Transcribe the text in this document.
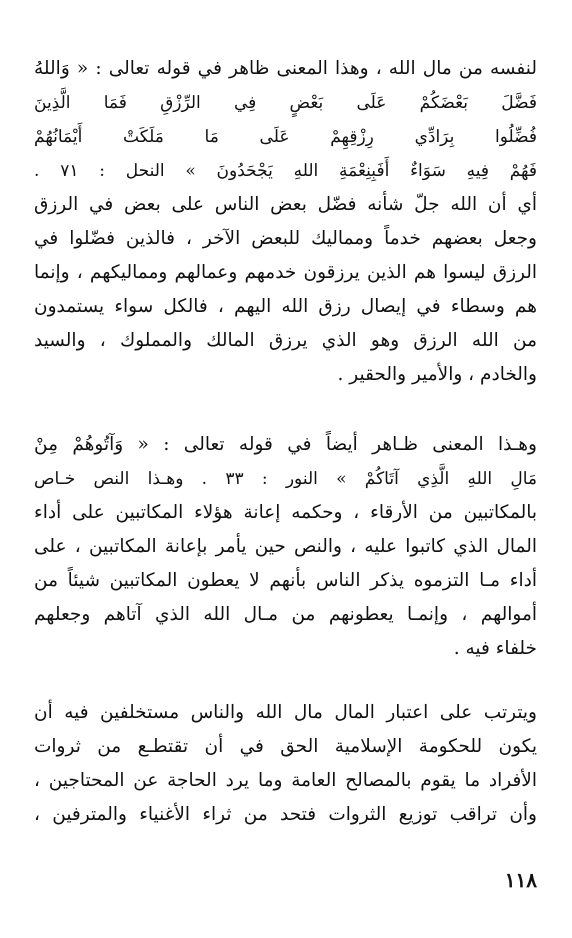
لنفسه من مال الله ، وهذا المعنى ظاهر في قوله تعالى : « وَاللهُ
فَضَّلَ بَعْضَكُمْ عَلَى بَعْضٍ فِي الرِّزْقِ فَمَا الَّذِينَ
فُضِّلُوا بِرَادِّي رِزْقِهِمْ عَلَى مَا مَلَكَتْ أَيْمَانُهُمْ
فَهُمْ فِيهِ سَوَاءٌ أَفَبِنِعْمَةِ اللهِ يَجْحَدُونَ » النحل : ٧١ .
أي أن الله جلّ شأنه فضّل بعض الناس على بعض في الرزق
وجعل بعضهم خدماً ومماليك للبعض الآخر ، فالذين فضّلوا في
الرزق ليسوا هم الذين يرزقون خدمهم وعمالهم ومماليكهم ، وإنما
هم وسطاء في إيصال رزق الله اليهم ، فالكل سواء يستمدون
من الله الرزق وهو الذي يرزق المالك والمملوك ، والسيد
والخادم ، والأمير والحقير .
وهـذا المعنى ظـاهر أيضاً في قوله تعالى : « وَآتُوهُمْ مِنْ
مَالِ اللهِ الَّذِي آتَاكُمْ » النور : ٣٣ . وهـذا النص خـاص
بالمكاتبين من الأرقاء ، وحكمه إعانة هؤلاء المكاتبين على أداء
المال الذي كاتبوا عليه ، والنص حين يأمر بإعانة المكاتبين ، على
أداء مـا التزموه يذكر الناس بأنهم لا يعطون المكاتبين شيئاً من
أموالهم ، وإنمـا يعطونهم من مـال الله الذي آتاهم وجعلهم
خلفاء فيه .
ويترتب على اعتبار المال مال الله والناس مستخلفين فيه أن
يكون للحكومة الإسلامية الحق في أن تقتطـع من ثروات
الأفراد ما يقوم بالمصالح العامة وما يرد الحاجة عن المحتاجين ،
وأن تراقب توزيع الثروات فتحد من ثراء الأغنياء والمترفين ،
١١٨
